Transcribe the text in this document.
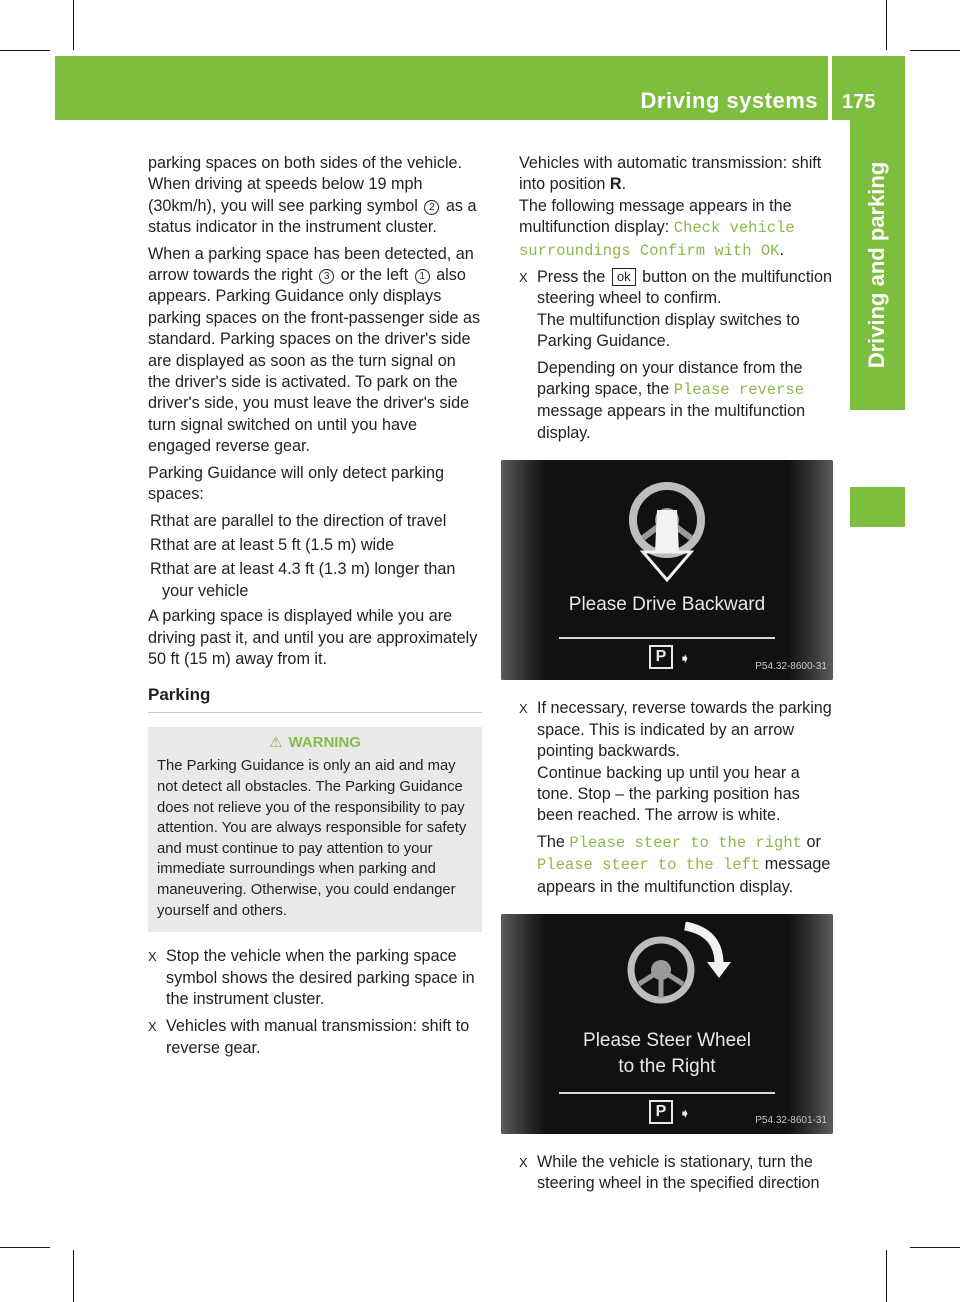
Driving systems 175
Driving and parking

parking spaces on both sides of the vehicle. When driving at speeds below 19 mph (30km/h), you will see parking symbol 2 as a status indicator in the instrument cluster.

When a parking space has been detected, an arrow towards the right 3 or the left 1 also appears. Parking Guidance only displays parking spaces on the front-passenger side as standard. Parking spaces on the driver's side are displayed as soon as the turn signal on the driver's side is activated. To park on the driver's side, you must leave the driver's side turn signal switched on until you have engaged reverse gear.

Parking Guidance will only detect parking spaces:

R that are parallel to the direction of travel
R that are at least 5 ft (1.5 m) wide
R that are at least 4.3 ft (1.3 m) longer than your vehicle

A parking space is displayed while you are driving past it, and until you are approximately 50 ft (15 m) away from it.

Parking
⚠ WARNING
The Parking Guidance is only an aid and may not detect all obstacles. The Parking Guidance does not relieve you of the responsibility to pay attention. You are always responsible for safety and must continue to pay attention to your immediate surroundings when parking and maneuvering. Otherwise, you could endanger yourself and others.
X Stop the vehicle when the parking space symbol shows the desired parking space in the instrument cluster.
X Vehicles with manual transmission: shift to reverse gear.

Vehicles with automatic transmission: shift into position R.

The following message appears in the multifunction display: Check vehicle surroundings Confirm with OK.

X Press the ok button on the multifunction steering wheel to confirm.
The multifunction display switches to Parking Guidance.
Depending on your distance from the parking space, the Please reverse message appears in the multifunction display.
Please Drive Backward
P ➧
P54.32-8600-31
X If necessary, reverse towards the parking space. This is indicated by an arrow pointing backwards.
Continue backing up until you hear a tone. Stop – the parking position has been reached. The arrow is white.
The Please steer to the right or Please steer to the left message appears in the multifunction display.
Please Steer Wheel
to the Right
P ➧	P54.32-8601-31
X While the vehicle is stationary, turn the steering wheel in the specified direction
